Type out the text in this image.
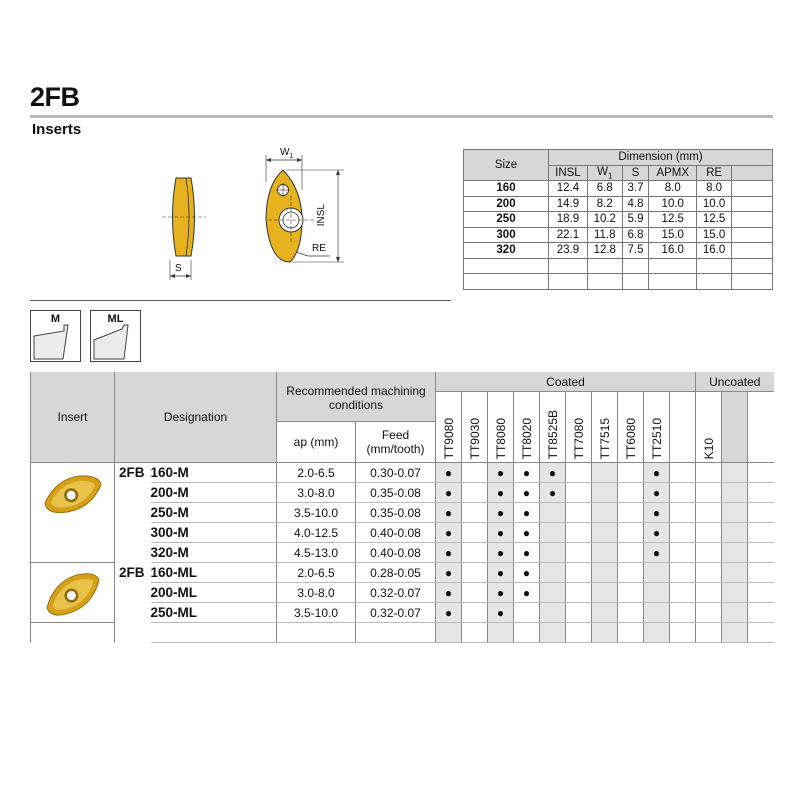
2FB
Inserts
$W_1$
S
INSL
RE
Size	Dimension (mm)					
	INSL	$W_1$	S	APMX	RE	
160	12.4	6.8	3.7	8.0	8.0	
200	14.9	8.2	4.8	10.0	10.0	
250	18.9	10.2	5.9	12.5	12.5	
300	22.1	11.8	6.8	15.0	15.0	
320	23.9	12.8	7.5	16.0	16.0	

M	ML
Insert	Designation		Recommended machining conditions		Coated										Uncoated		
					TT9080	TT9030	TT8080	TT8020	TT8525B	TT7080	TT7515	TT6080	TT2510		K10		
			ap (mm)	Feed (mm/tooth)													

	2FB	160-M	2.0-6.5	0.30-0.07	●		●	●	●				●				
		200-M	3.0-8.0	0.35-0.08	●		●	●	●				●				
		250-M	3.5-10.0	0.35-0.08	●		●	●					●				
		300-M	4.0-12.5	0.40-0.08	●		●	●					●				
		320-M	4.5-13.0	0.40-0.08	●		●	●					●				

	2FB	160-ML	2.0-6.5	0.28-0.05	●		●	●									
		200-ML	3.0-8.0	0.32-0.07	●		●	●									
		250-ML	3.5-10.0	0.32-0.07	●		●										
